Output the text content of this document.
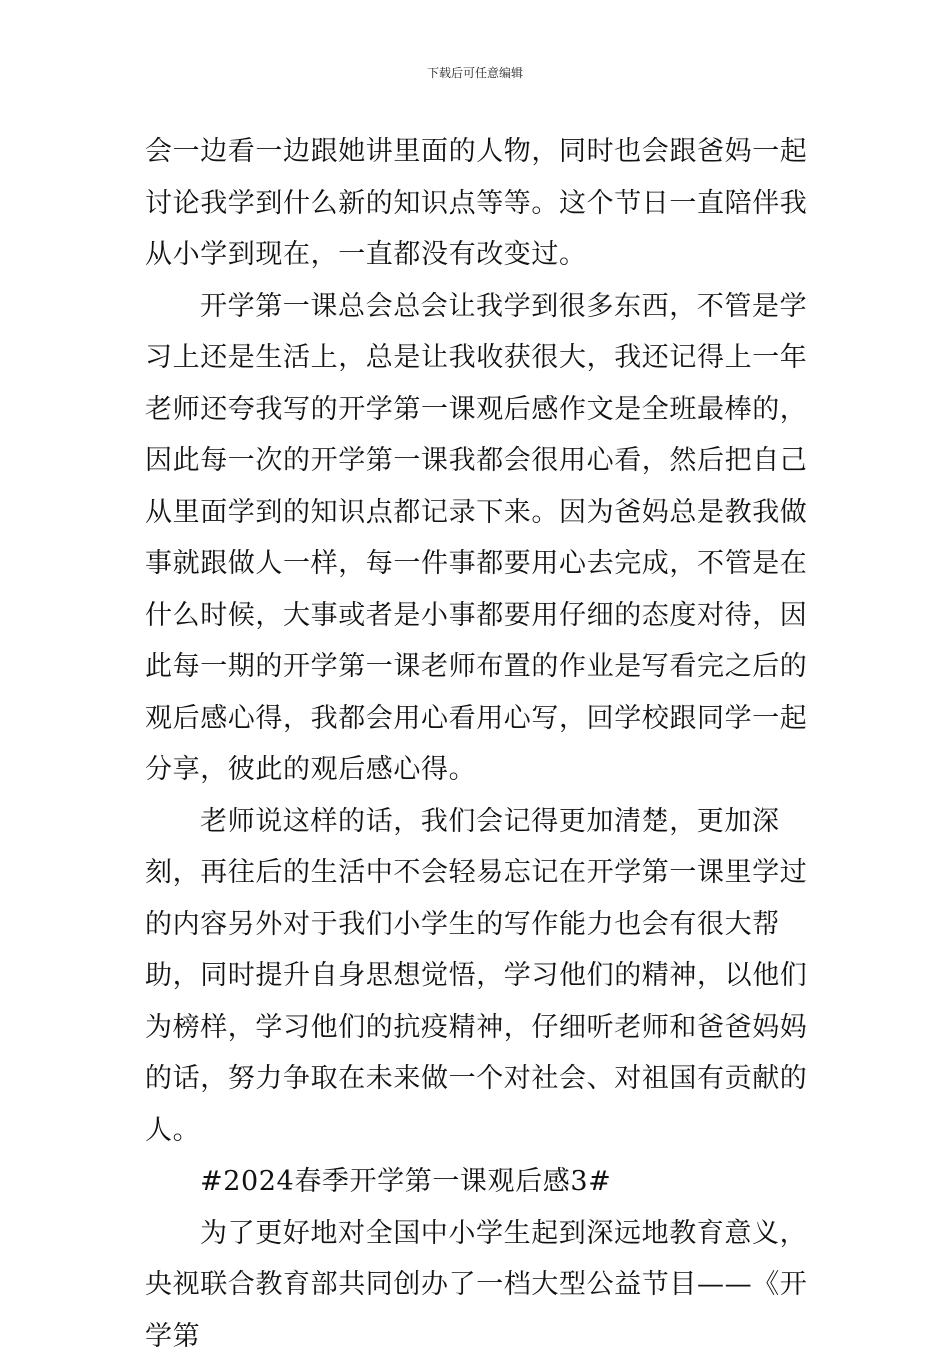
下载后可任意编辑

会一边看一边跟她讲里面的人物，同时也会跟爸妈一起讨论我学到什么新的知识点等等。这个节日一直陪伴我从小学到现在，一直都没有改变过。

开学第一课总会总会让我学到很多东西，不管是学习上还是生活上，总是让我收获很大，我还记得上一年老师还夸我写的开学第一课观后感作文是全班最棒的，因此每一次的开学第一课我都会很用心看，然后把自己从里面学到的知识点都记录下来。因为爸妈总是教我做事就跟做人一样，每一件事都要用心去完成，不管是在什么时候，大事或者是小事都要用仔细的态度对待，因此每一期的开学第一课老师布置的作业是写看完之后的观后感心得，我都会用心看用心写，回学校跟同学一起分享，彼此的观后感心得。

老师说这样的话，我们会记得更加清楚，更加深刻，再往后的生活中不会轻易忘记在开学第一课里学过的内容另外对于我们小学生的写作能力也会有很大帮助，同时提升自身思想觉悟，学习他们的精神，以他们为榜样，学习他们的抗疫精神，仔细听老师和爸爸妈妈的话，努力争取在未来做一个对社会、对祖国有贡献的人。

#2024春季开学第一课观后感3#

为了更好地对全国中小学生起到深远地教育意义，央视联合教育部共同创办了一档大型公益节目——《开学第
